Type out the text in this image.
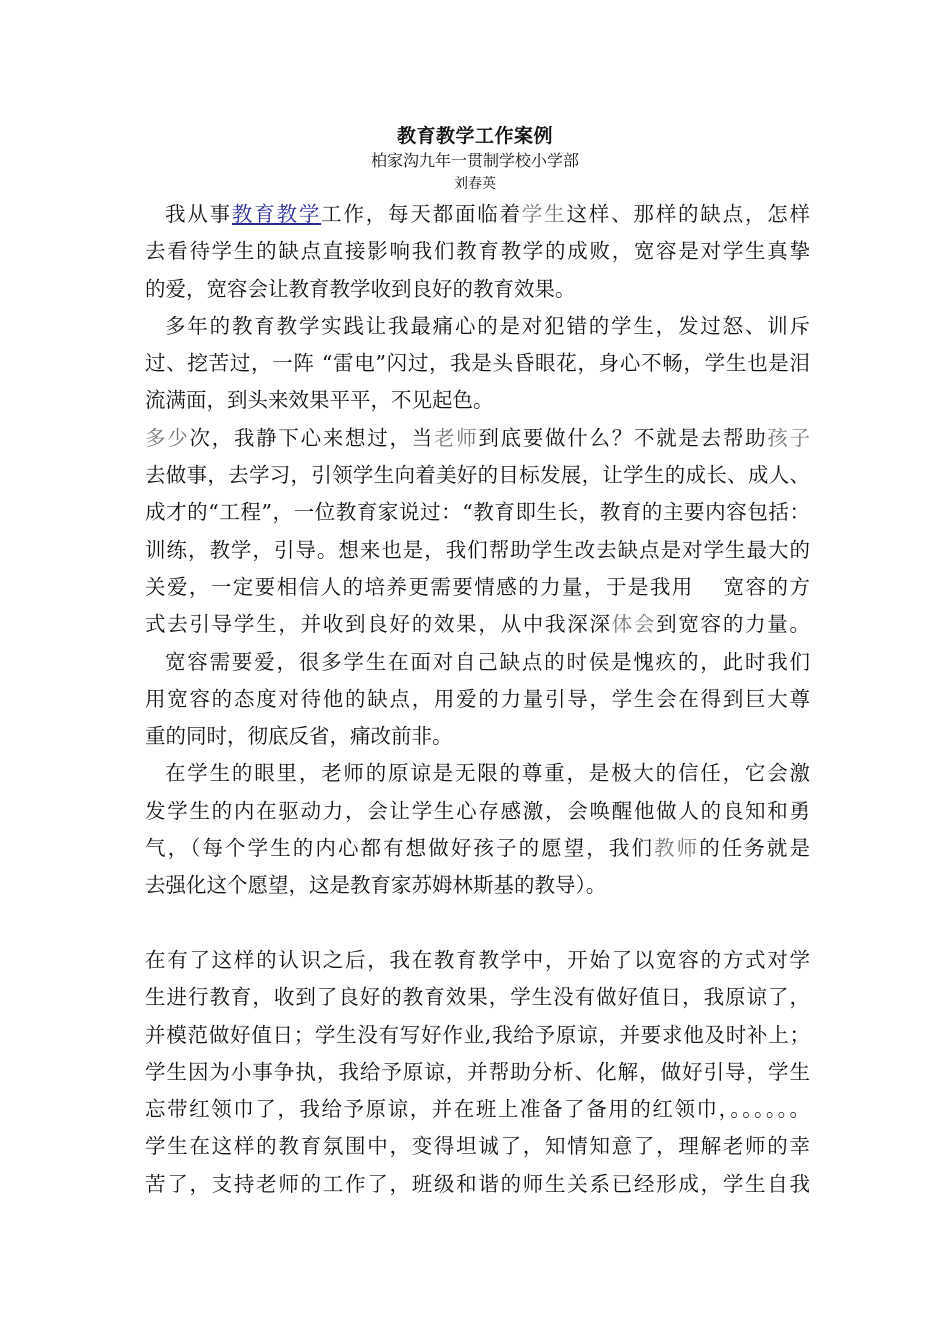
教育教学工作案例
柏家沟九年一贯制学校小学部
刘春英
我从事教育教学工作，每天都面临着学生这样、那样的缺点，怎样
去看待学生的缺点直接影响我们教育教学的成败，宽容是对学生真挚
的爱，宽容会让教育教学收到良好的教育效果。
多年的教育教学实践让我最痛心的是对犯错的学生，发过怒、训斥
过、挖苦过，一阵 “雷电”闪过，我是头昏眼花，身心不畅，学生也是泪
流满面，到头来效果平平，不见起色。
多少次，我静下心来想过，当老师到底要做什么？不就是去帮助孩子
去做事，去学习，引领学生向着美好的目标发展，让学生的成长、成人、
成才的“工程”，一位教育家说过：“教育即生长，教育的主要内容包括：
训练，教学，引导。想来也是，我们帮助学生改去缺点是对学生最大的
关爱，一定要相信人的培养更需要情感的力量，于是我用　 宽容的方
式去引导学生，并收到良好的效果，从中我深深体会到宽容的力量。
宽容需要爱，很多学生在面对自己缺点的时侯是愧疚的，此时我们
用宽容的态度对待他的缺点，用爱的力量引导，学生会在得到巨大尊
重的同时，彻底反省，痛改前非。
在学生的眼里，老师的原谅是无限的尊重，是极大的信任，它会激
发学生的内在驱动力，会让学生心存感激，会唤醒他做人的良知和勇
气，（每个学生的内心都有想做好孩子的愿望，我们教师的任务就是
去强化这个愿望，这是教育家苏姆林斯基的教导）。
在有了这样的认识之后，我在教育教学中，开始了以宽容的方式对学
生进行教育，收到了良好的教育效果，学生没有做好值日，我原谅了，
并模范做好值日；学生没有写好作业,我给予原谅，并要求他及时补上；
学生因为小事争执，我给予原谅，并帮助分析、化解，做好引导，学生
忘带红领巾了，我给予原谅，并在班上准备了备用的红领巾，。。。。。。
学生在这样的教育氛围中，变得坦诚了，知情知意了，理解老师的幸
苦了，支持老师的工作了，班级和谐的师生关系已经形成，学生自我
